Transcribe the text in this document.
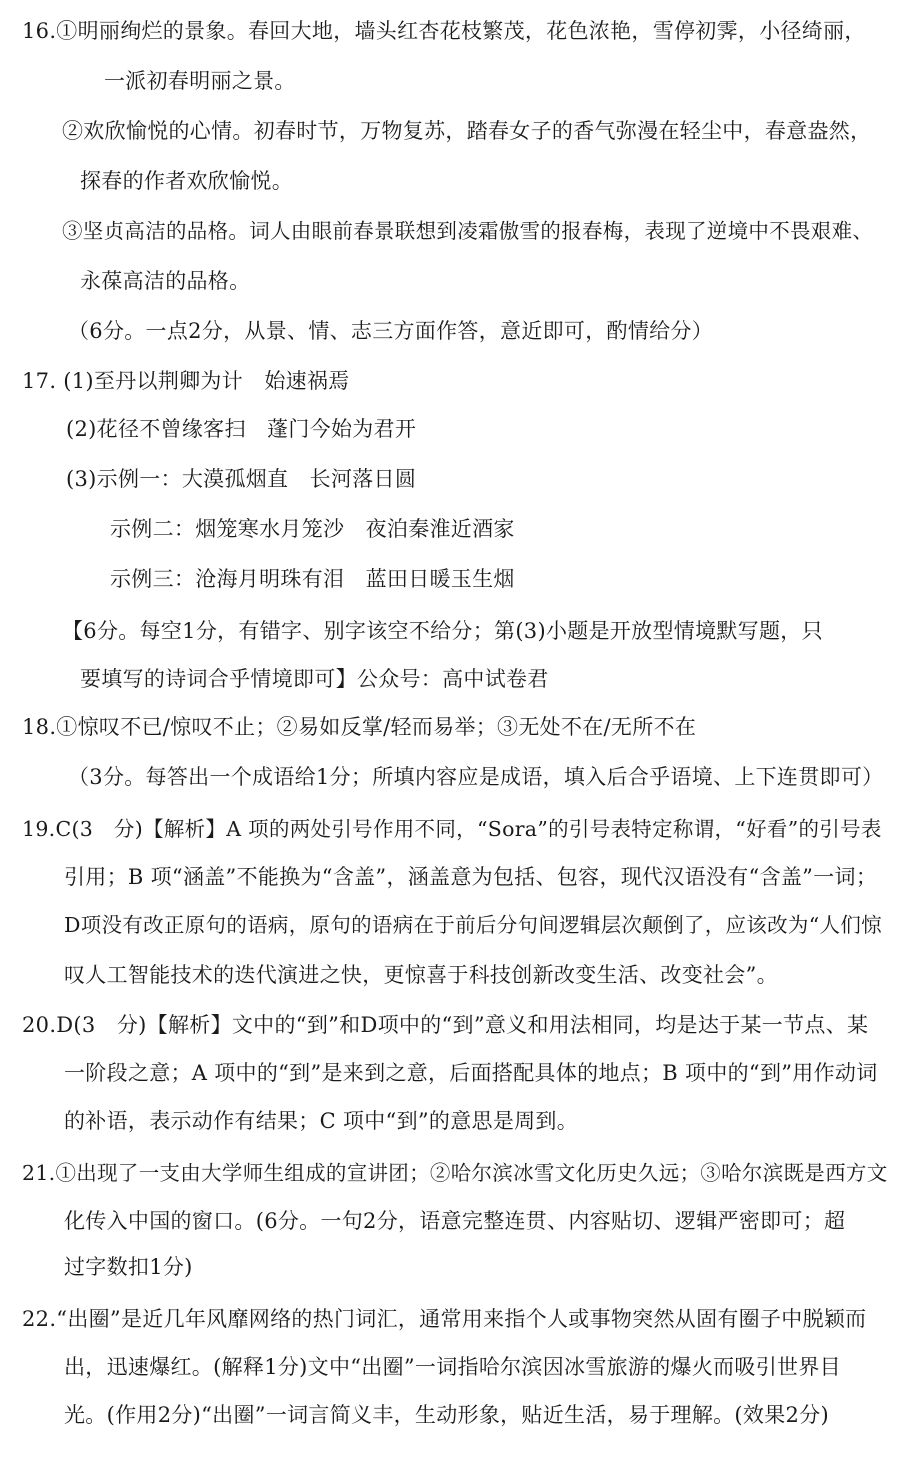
16.①明丽绚烂的景象。春回大地，墙头红杏花枝繁茂，花色浓艳，雪停初霁，小径绮丽，
一派初春明丽之景。
②欢欣愉悦的心情。初春时节，万物复苏，踏春女子的香气弥漫在轻尘中，春意盎然，
探春的作者欢欣愉悦。
③坚贞高洁的品格。词人由眼前春景联想到凌霜傲雪的报春梅，表现了逆境中不畏艰难、
永葆高洁的品格。
（6分。一点2分，从景、情、志三方面作答，意近即可，酌情给分）
17. (1)至丹以荆卿为计　始速祸焉
(2)花径不曾缘客扫　蓬门今始为君开
(3)示例一：大漠孤烟直　长河落日圆
示例二：烟笼寒水月笼沙　夜泊秦淮近酒家
示例三：沧海月明珠有泪　蓝田日暖玉生烟
【6分。每空1分，有错字、别字该空不给分；第(3)小题是开放型情境默写题，只
要填写的诗词合乎情境即可】公众号：高中试卷君
18.①惊叹不已/惊叹不止；②易如反掌/轻而易举；③无处不在/无所不在
（3分。每答出一个成语给1分；所填内容应是成语，填入后合乎语境、上下连贯即可）
19.C(3　分)【解析】A 项的两处引号作用不同，“Sora”的引号表特定称谓，“好看”的引号表
引用；B 项“涵盖”不能换为“含盖”，涵盖意为包括、包容，现代汉语没有“含盖”一词；
D项没有改正原句的语病，原句的语病在于前后分句间逻辑层次颠倒了，应该改为“人们惊
叹人工智能技术的迭代演进之快，更惊喜于科技创新改变生活、改变社会”。
20.D(3　分)【解析】文中的“到”和D项中的“到”意义和用法相同，均是达于某一节点、某
一阶段之意；A 项中的“到”是来到之意，后面搭配具体的地点；B 项中的“到”用作动词
的补语，表示动作有结果；C 项中“到”的意思是周到。
21.①出现了一支由大学师生组成的宣讲团；②哈尔滨冰雪文化历史久远；③哈尔滨既是西方文
化传入中国的窗口。(6分。一句2分，语意完整连贯、内容贴切、逻辑严密即可；超
过字数扣1分)
22.“出圈”是近几年风靡网络的热门词汇，通常用来指个人或事物突然从固有圈子中脱颖而
出，迅速爆红。(解释1分)文中“出圈”一词指哈尔滨因冰雪旅游的爆火而吸引世界目
光。(作用2分)“出圈”一词言简义丰，生动形象，贴近生活，易于理解。(效果2分)
